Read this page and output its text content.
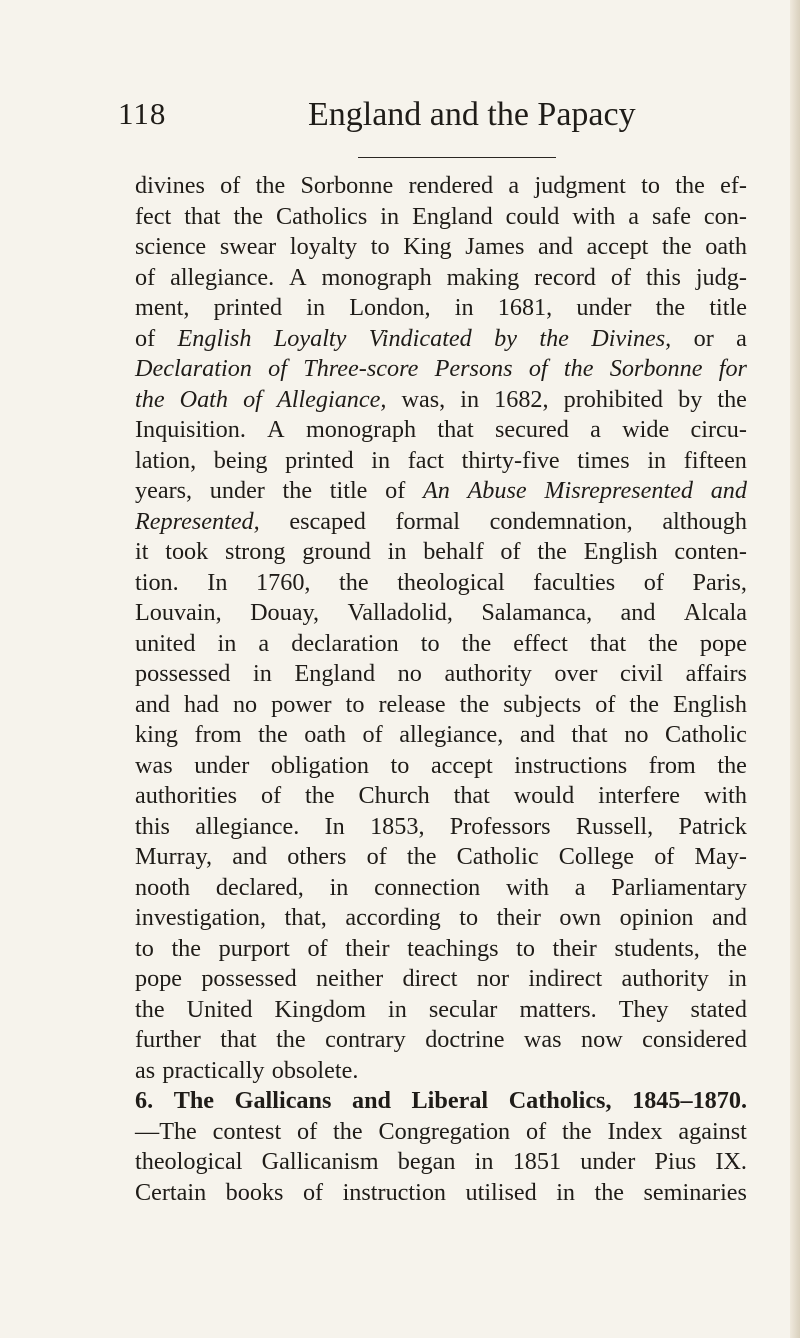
118	England and the Papacy
divines of the Sorbonne rendered a judgment to the ef-
fect that the Catholics in England could with a safe con-
science swear loyalty to King James and accept the oath
of allegiance. A monograph making record of this judg-
ment, printed in London, in 1681, under the title
of English Loyalty Vindicated by the Divines, or a
Declaration of Three-score Persons of the Sorbonne for
the Oath of Allegiance, was, in 1682, prohibited by the
Inquisition. A monograph that secured a wide circu-
lation, being printed in fact thirty-five times in fifteen
years, under the title of An Abuse Misrepresented and
Represented, escaped formal condemnation, although
it took strong ground in behalf of the English conten-
tion. In 1760, the theological faculties of Paris,
Louvain, Douay, Valladolid, Salamanca, and Alcala
united in a declaration to the effect that the pope
possessed in England no authority over civil affairs
and had no power to release the subjects of the English
king from the oath of allegiance, and that no Catholic
was under obligation to accept instructions from the
authorities of the Church that would interfere with
this allegiance. In 1853, Professors Russell, Patrick
Murray, and others of the Catholic College of May-
nooth declared, in connection with a Parliamentary
investigation, that, according to their own opinion and
to the purport of their teachings to their students, the
pope possessed neither direct nor indirect authority in
the United Kingdom in secular matters. They stated
further that the contrary doctrine was now considered
as practically obsolete.
6. The Gallicans and Liberal Catholics, 1845–1870.
—The contest of the Congregation of the Index against
theological Gallicanism began in 1851 under Pius IX.
Certain books of instruction utilised in the seminaries
